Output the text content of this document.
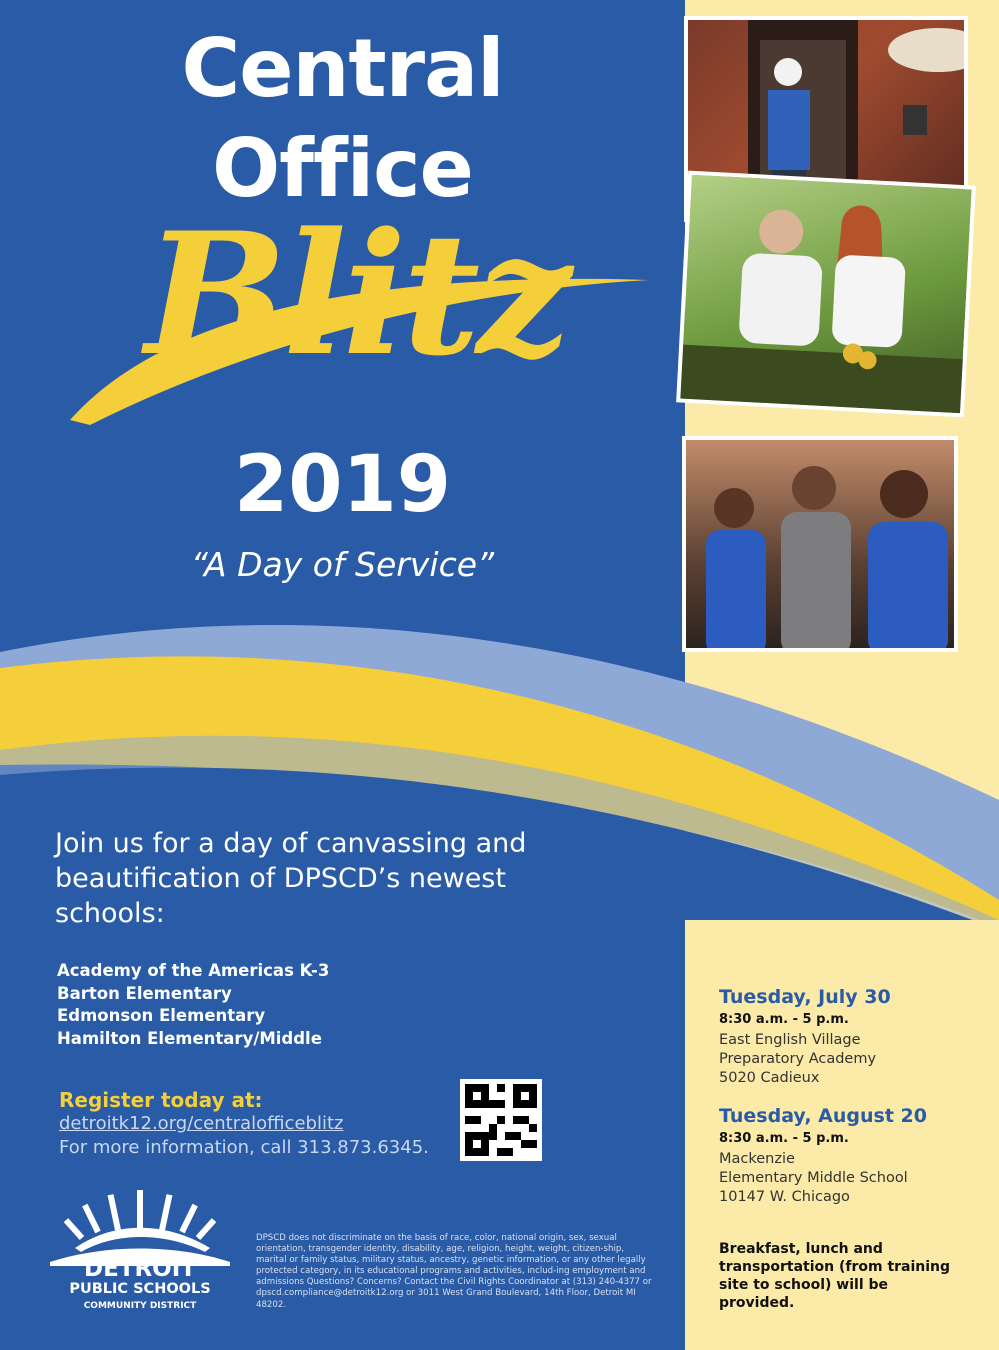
Central
Office
Blitz
2019
“A Day of Service”
Join us for a day of canvassing and beautification of DPSCD’s newest schools:
Academy of the Americas K-3
Barton Elementary
Edmonson Elementary
Hamilton Elementary/Middle
Register today at:
detroitk12.org/centralofficeblitz
For more information, call 313.873.6345.
DETROIT
PUBLIC SCHOOLS
COMMUNITY DISTRICT
DPSCD does not discriminate on the basis of race, color, national origin, sex, sexual orientation, transgender identity, disability, age, religion, height, weight, citizen-ship, marital or family status, military status, ancestry, genetic information, or any other legally protected category, in its educational programs and activities, includ-ing employment and admissions Questions? Concerns? Contact the Civil Rights Coordinator at (313) 240-4377 or dpscd.compliance@detroitk12.org or 3011 West Grand Boulevard, 14th Floor, Detroit MI 48202.
Tuesday, July 30
8:30 a.m. - 5 p.m.
East English Village
Preparatory Academy
5020 Cadieux
Tuesday, August 20
8:30 a.m. - 5 p.m.
Mackenzie
Elementary Middle School
10147 W. Chicago
Breakfast, lunch and transportation (from training site to school) will be provided.
